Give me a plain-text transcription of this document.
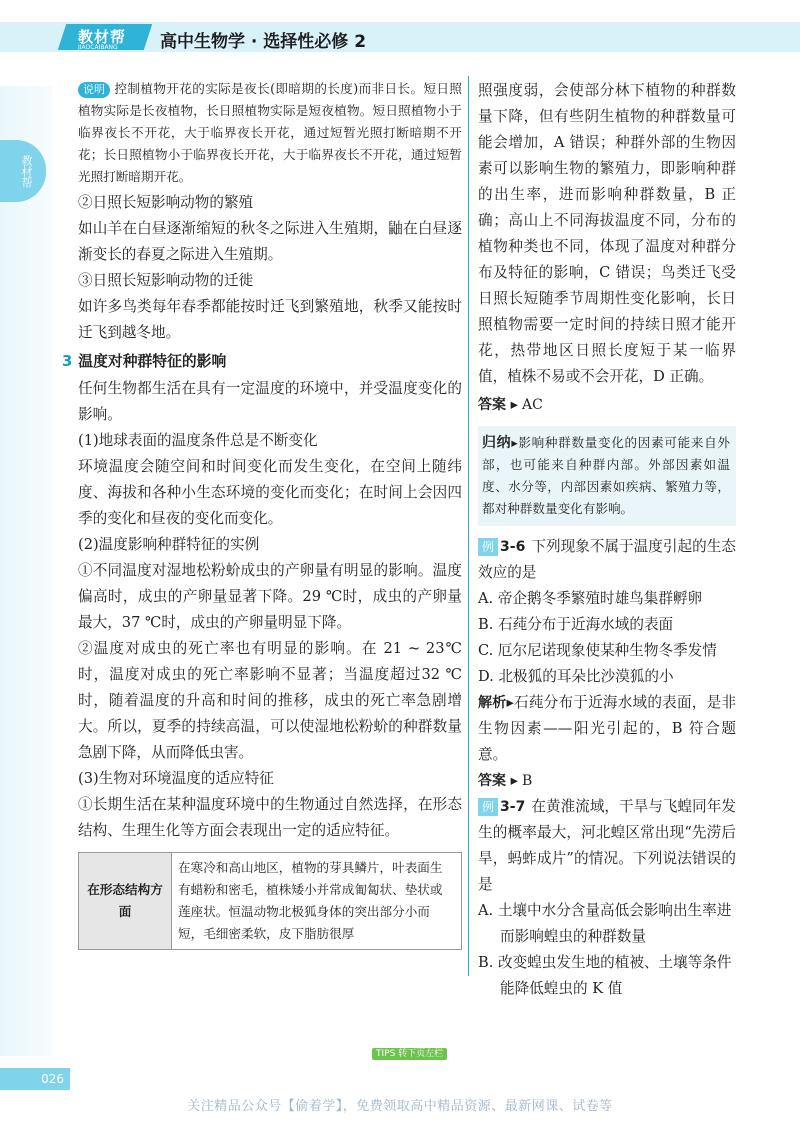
教材帮
JIAOCAIBANG 高中生物学 · 选择性必修 2
教材帮

说明 控制植物开花的实际是夜长(即暗期的长度)而非日长。短日照植物实际是长夜植物，长日照植物实际是短夜植物。短日照植物小于临界夜长不开花，大于临界夜长开花，通过短暂光照打断暗期不开花；长日照植物小于临界夜长开花，大于临界夜长不开花，通过短暂光照打断暗期开花。

②日照长短影响动物的繁殖

如山羊在白昼逐渐缩短的秋冬之际进入生殖期，鼬在白昼逐渐变长的春夏之际进入生殖期。

③日照长短影响动物的迁徙

如许多鸟类每年春季都能按时迁飞到繁殖地，秋季又能按时迁飞到越冬地。

3 温度对种群特征的影响

任何生物都生活在具有一定温度的环境中，并受温度变化的影响。

(1)地球表面的温度条件总是不断变化

环境温度会随空间和时间变化而发生变化，在空间上随纬度、海拔和各种小生态环境的变化而变化；在时间上会因四季的变化和昼夜的变化而变化。

(2)温度影响种群特征的实例

①不同温度对湿地松粉蚧成虫的产卵量有明显的影响。温度偏高时，成虫的产卵量显著下降。29 ℃时，成虫的产卵量最大，37 ℃时，成虫的产卵量明显下降。

②温度对成虫的死亡率也有明显的影响。在 21 ~ 23℃时，温度对成虫的死亡率影响不显著；当温度超过32 ℃时，随着温度的升高和时间的推移，成虫的死亡率急剧增大。所以，夏季的持续高温，可以使湿地松粉蚧的种群数量急剧下降，从而降低虫害。

(3)生物对环境温度的适应特征

①长期生活在某种温度环境中的生物通过自然选择，在形态结构、生理生化等方面会表现出一定的适应特征。

在形态结构方面	在寒冷和高山地区，植物的芽具鳞片，叶表面生有蜡粉和密毛，植株矮小并常成匍匐状、垫状或莲座状。恒温动物北极狐身体的突出部分小而短，毛细密柔软，皮下脂肪很厚

照强度弱，会使部分林下植物的种群数量下降，但有些阴生植物的种群数量可能会增加，A 错误；种群外部的生物因素可以影响生物的繁殖力，即影响种群的出生率，进而影响种群数量，B 正确；高山上不同海拔温度不同，分布的植物种类也不同，体现了温度对种群分布及特征的影响，C 错误；鸟类迁飞受日照长短随季节周期性变化影响，长日照植物需要一定时间的持续日照才能开花，热带地区日照长度短于某一临界值，植株不易或不会开花，D 正确。

答案 ▸ AC

归纳▸影响种群数量变化的因素可能来自外部，也可能来自种群内部。外部因素如温度、水分等，内部因素如疾病、繁殖力等，都对种群数量变化有影响。

例 3-6 下列现象不属于温度引起的生态效应的是

A. 帝企鹅冬季繁殖时雄鸟集群孵卵

B. 石莼分布于近海水域的表面

C. 厄尔尼诺现象使某种生物冬季发情

D. 北极狐的耳朵比沙漠狐的小

解析▸石莼分布于近海水域的表面，是非生物因素——阳光引起的，B 符合题意。

答案 ▸ B

例 3-7 在黄淮流域，干旱与飞蝗同年发生的概率最大，河北蝗区常出现“先涝后旱，蚂蚱成片”的情况。下列说法错误的是

A. 土壤中水分含量高低会影响出生率进而影响蝗虫的种群数量

B. 改变蝗虫发生地的植被、土壤等条件能降低蝗虫的 K 值

TIPS 转下页左栏
026
关注精品公众号【偷着学】，免费领取高中精品资源、最新网课、试卷等
